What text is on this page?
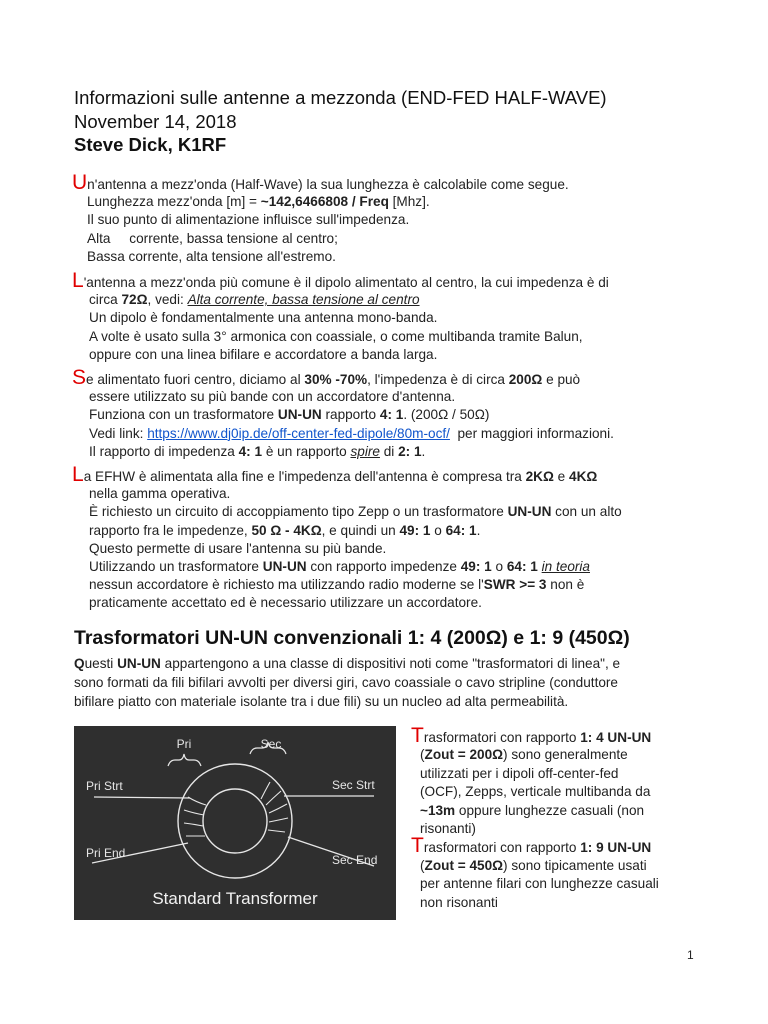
Informazioni sulle antenne a mezzonda (END-FED HALF-WAVE)
November 14, 2018
Steve Dick, K1RF
Un'antenna a mezz'onda (Half-Wave) la sua lunghezza è calcolabile come segue.
Lunghezza mezz'onda [m] = ~142,6466808 / Freq [Mhz].
Il suo punto di alimentazione influisce sull'impedenza.
Alta     corrente, bassa tensione al centro;
Bassa corrente, alta tensione all'estremo.
L'antenna a mezz'onda più comune è il dipolo alimentato al centro, la cui impedenza è di
circa 72Ω, vedi: Alta corrente, bassa tensione al centro
Un dipolo è fondamentalmente una antenna mono-banda.
A volte è usato sulla 3° armonica con coassiale, o come multibanda tramite Balun,
oppure con una linea bifilare e accordatore a banda larga.
Se alimentato fuori centro, diciamo al 30% -70%, l'impedenza è di circa 200Ω e può
essere utilizzato su più bande con un accordatore d'antenna.
Funziona con un trasformatore UN-UN rapporto 4: 1. (200Ω / 50Ω)
Vedi link: https://www.dj0ip.de/off-center-fed-dipole/80m-ocf/  per maggiori informazioni.
Il rapporto di impedenza 4: 1 è un rapporto spire di 2: 1.
La EFHW è alimentata alla fine e l'impedenza dell'antenna è compresa tra 2KΩ e 4KΩ
nella gamma operativa.
È richiesto un circuito di accoppiamento tipo Zepp o un trasformatore UN-UN con un alto
rapporto fra le impedenze, 50 Ω - 4KΩ, e quindi un 49: 1 o 64: 1.
Questo permette di usare l'antenna su più bande.
Utilizzando un trasformatore UN-UN con rapporto impedenze 49: 1 o 64: 1 in teoria
nessun accordatore è richiesto ma utilizzando radio moderne se l'SWR >= 3 non è
praticamente accettato ed è necessario utilizzare un accordatore.
Trasformatori UN-UN convenzionali 1: 4 (200Ω) e 1: 9 (450Ω)
Questi UN-UN appartengono a una classe di dispositivi noti come "trasformatori di linea", e
sono formati da fili bifilari avvolti per diversi giri, cavo coassiale o cavo stripline (conduttore
bifilare piatto con materiale isolante tra i due fili) su un nucleo ad alta permeabilità.
Pri	Sec
Pri Strt	Sec Strt
Pri End	Sec End
Standard Transformer
Trasformatori con rapporto 1: 4 UN-UN
(Zout = 200Ω) sono generalmente
utilizzati per i dipoli off-center-fed
(OCF), Zepps, verticale multibanda da
~13m oppure lunghezze casuali (non
risonanti)
Trasformatori con rapporto 1: 9 UN-UN
(Zout = 450Ω) sono tipicamente usati
per antenne filari con lunghezze casuali
non risonanti
1
